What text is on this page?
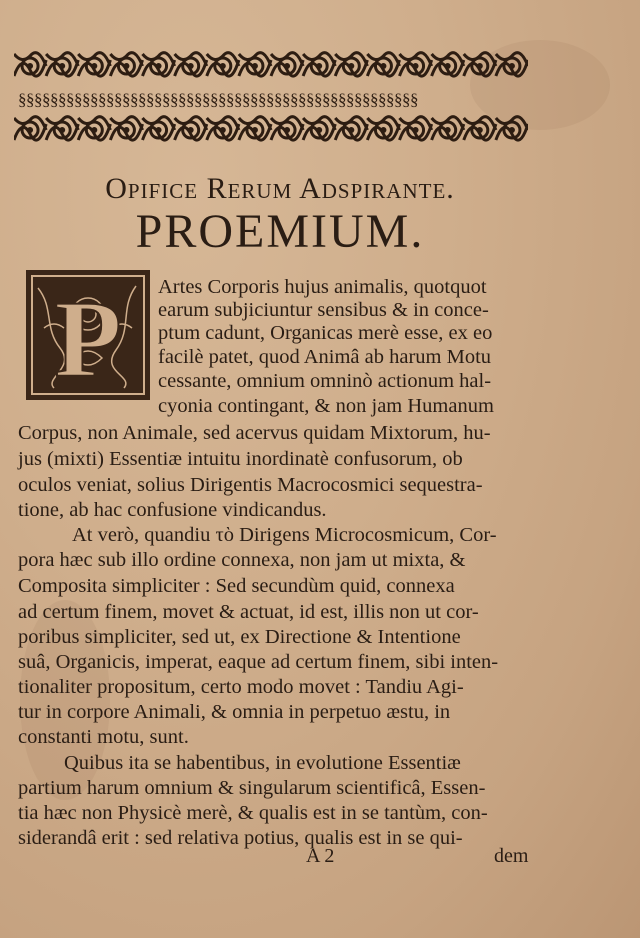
§§§§§§§§§§§§§§§§§§§§§§§§§§§§§§§§§§§§§§§§§§§§§§§§§§
Opifice Rerum Adspirante.
PROEMIUM.
P Artes Corporis hujus animalis, quotquot
earum subjiciuntur sensibus & in conce-
ptum cadunt, Organicas merè esse, ex eo
facilè patet, quod Animâ ab harum Motu
cessante, omnium omninò actionum hal-
cyonia contingant, & non jam Humanum
Corpus, non Animale, sed acervus quidam Mixtorum, hu-
jus (mixti) Essentiæ intuitu inordinatè confusorum, ob
oculos veniat, solius Dirigentis Macrocosmici sequestra-
tione, ab hac confusione vindicandus.
At verò, quandiu τὸ Dirigens Microcosmicum, Cor-
pora hæc sub illo ordine connexa, non jam ut mixta, &
Composita simpliciter : Sed secundùm quid, connexa
ad certum finem, movet & actuat, id est, illis non ut cor-
poribus simpliciter, sed ut, ex Directione & Intentione
suâ, Organicis, imperat, eaque ad certum finem, sibi inten-
tionaliter propositum, certo modo movet : Tandiu Agi-
tur in corpore Animali, & omnia in perpetuo æstu, in
constanti motu, sunt.
Quibus ita se habentibus, in evolutione Essentiæ
partium harum omnium & singularum scientificâ, Essen-
tia hæc non Physicè merè, & qualis est in se tantùm, con-
siderandâ erit : sed relativa potius, qualis est in se qui-
A 2	dem
